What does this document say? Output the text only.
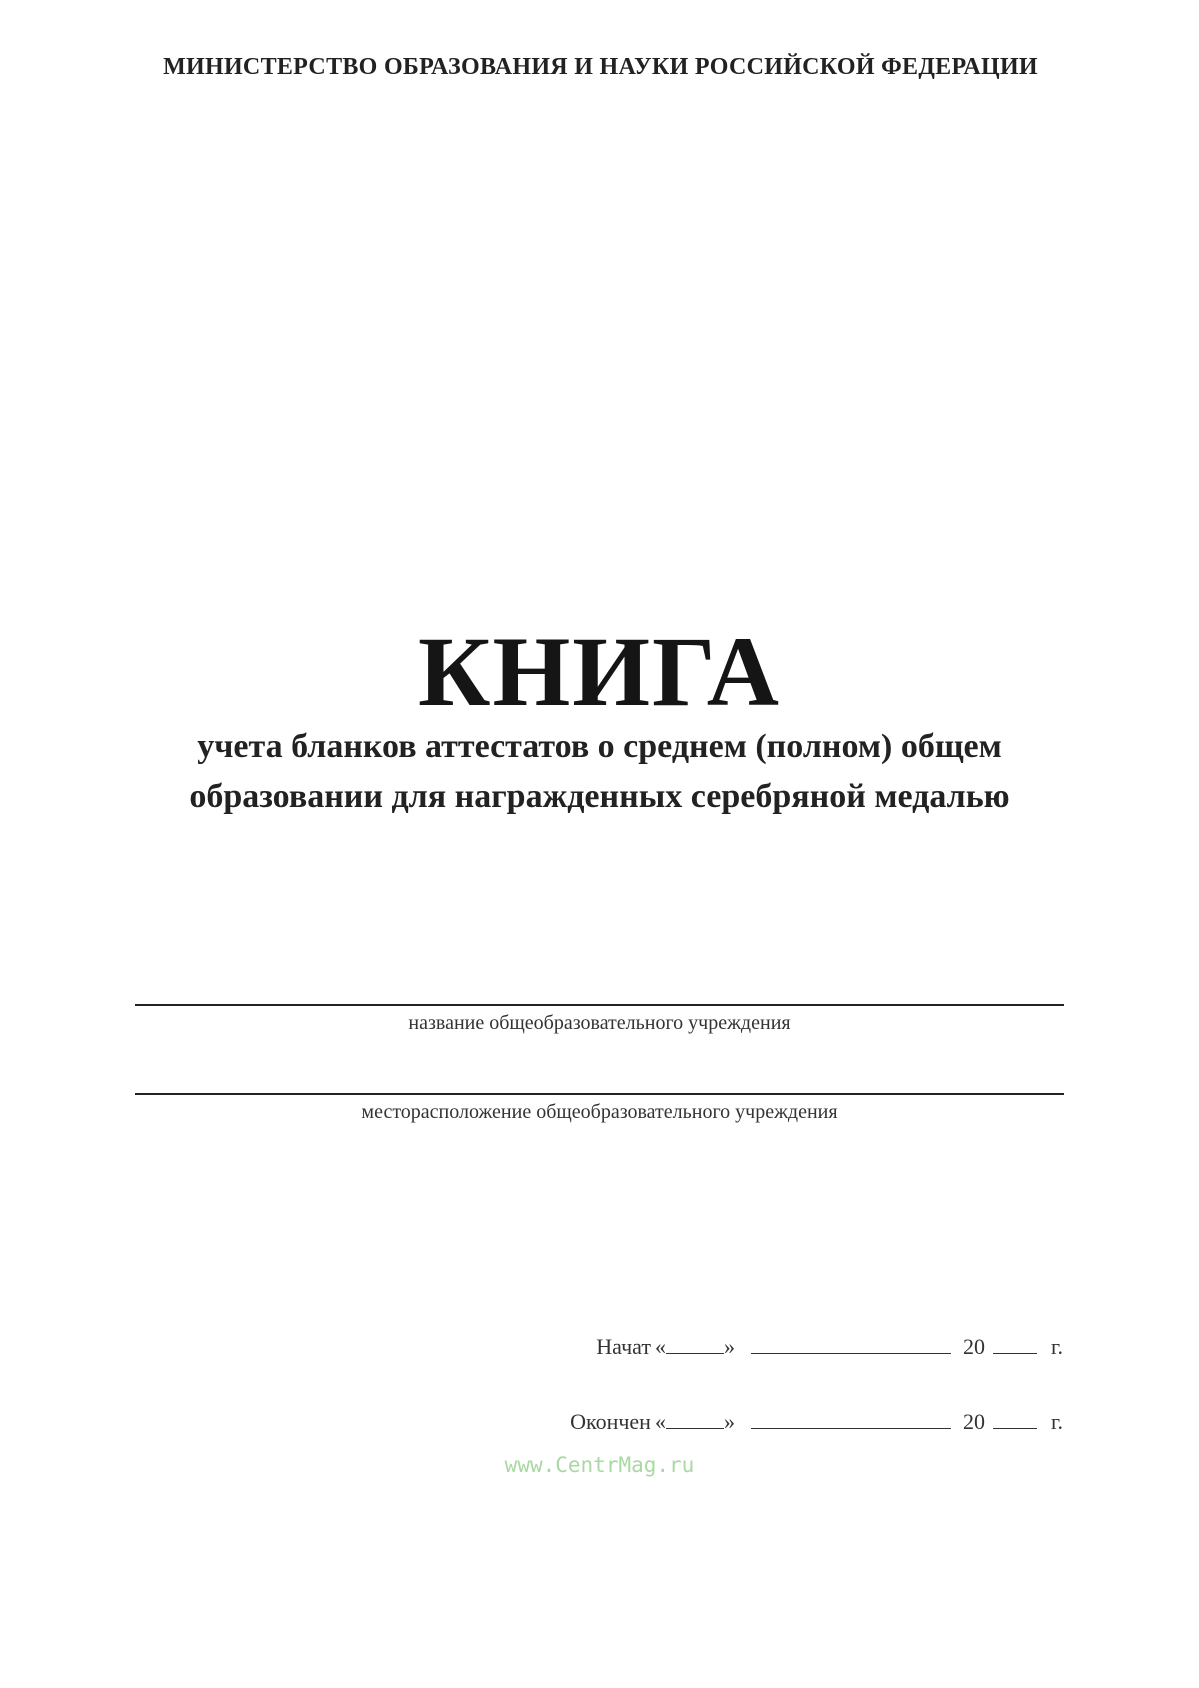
МИНИСТЕРСТВО ОБРАЗОВАНИЯ И НАУКИ РОССИЙСКОЙ ФЕДЕРАЦИИ
КНИГА
учета бланков аттестатов о среднем (полном) общем
образовании для награжденных серебряной медалью
название общеобразовательного учреждения
месторасположение общеобразовательного учреждения
Начат «	»	20	г.
Окончен «	»	20	г.
www.CentrMag.ru
